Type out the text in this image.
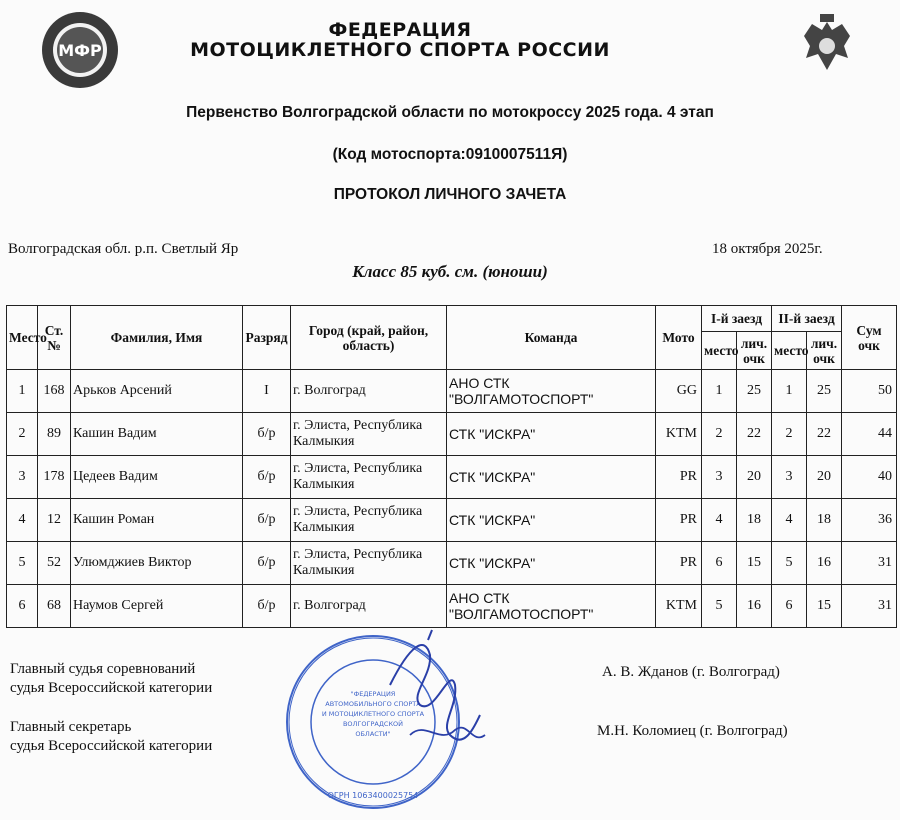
МФР
ФЕДЕРАЦИЯ
МОТОЦИКЛЕТНОГО СПОРТА РОССИИ
Первенство Волгоградской области по мотокроссу 2025 года. 4 этап
(Код мотоспорта:0910007511Я)
ПРОТОКОЛ ЛИЧНОГО ЗАЧЕТА
Волгоградская обл. р.п. Светлый Яр	18 октября 2025г.
Класс 85 куб. см. (юноши)
Место	Ст. №	Фамилия, Имя	Разряд	Город (край, район, область)	Команда	Мото	I-й заезд		II-й заезд		Сум очк
							место	лич. очк	место	лич. очк	
1	168	Арьков Арсений	I	г. Волгоград	АНО СТК "ВОЛГАМОТОСПОРТ"	GG	1	25	1	25	50
2	89	Кашин Вадим	б/р	г. Элиста, Республика Калмыкия	СТК "ИСКРА"	KTM	2	22	2	22	44
3	178	Цедеев Вадим	б/р	г. Элиста, Республика Калмыкия	СТК "ИСКРА"	PR	3	20	3	20	40
4	12	Кашин Роман	б/р	г. Элиста, Республика Калмыкия	СТК "ИСКРА"	PR	4	18	4	18	36
5	52	Улюмджиев Виктор	б/р	г. Элиста, Республика Калмыкия	СТК "ИСКРА"	PR	6	15	5	16	31
6	68	Наумов Сергей	б/р	г. Волгоград	АНО СТК "ВОЛГАМОТОСПОРТ"	KTM	5	16	6	15	31
Главный судья соревнований
судья Всероссийской категории
Главный секретарь
судья Всероссийской категории
А. В. Жданов (г. Волгоград)
М.Н. Коломиец (г. Волгоград)
"ФЕДЕРАЦИЯ
АВТОМОБИЛЬНОГО СПОРТА
И МОТОЦИКЛЕТНОГО СПОРТА
ВОЛГОГРАДСКОЙ
ОБЛАСТИ"
ОГРН 1063400025754
